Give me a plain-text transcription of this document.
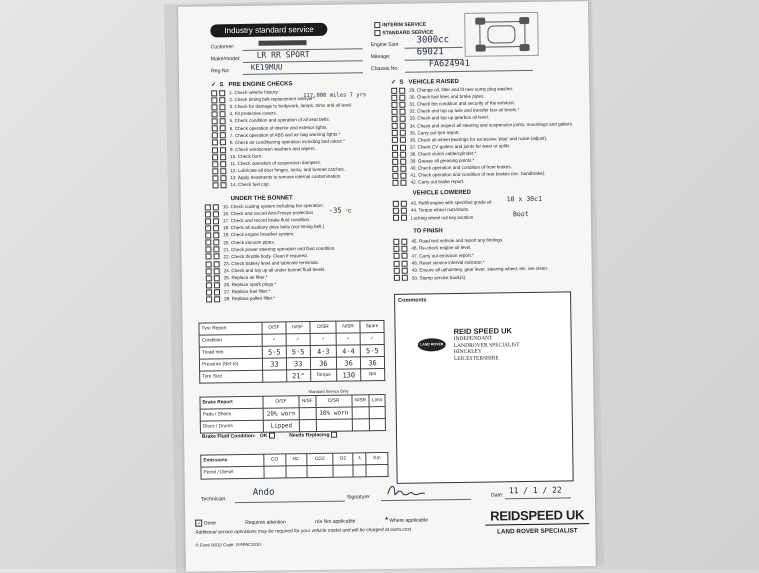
Industry standard service	INTERIM SERVICE
STANDARD SERVICE
Customer:
Make/model: LR RR SPORT
Reg No:	KE19MUU
Engine Size: 3000cc
Mileage:	69021
Chassis No:	FA624941
✓  S   PRE ENGINE CHECKS	✓  S   VEHICLE RAISED
1. Check vehicle history.
2. Check timing belt replacement interval*
3. Check for damage to bodywork, lamps, trims and oil level
4. Fit protective covers.
5. Check condition and operation of all seat belts.
6. Check operation of interior and exterior lights.
7. Check operation of ABS and air bag warning lights.*
8. Check air conditioning operation including bad odour.*
9. Check windscreen washers and wipers.
10. Check horn.
11. Check operation of suspension dampers.
12. Lubricate all door hinges, locks, and bonnet catches.
13. Apply treatments to remove internal contamination.
14. Check fuel cap.
117,000 miles 7 yrs
UNDER THE BONNET
15. Check cooling system including fan operation.
16. Check and record Anti-Freeze protection
17. Check and record brake fluid condition.
18. Check all auxiliary drive belts (not timing belt.)
19. Check engine breather system.
20. Check vacuum pipes.
21. Check power steering operation and fluid condition.
22. Check throttle body. Clean if required.
23. Check battery level and lubricate terminals.
24. Check and top up all under bonnet fluid levels.
25. Replace air filter.*
26. Replace spark plugs.*
27. Replace fuel filter.*
28. Replace pollen filter.*
-35 °C
29. Change oil, filter and fit new sump plug washer.
30. Check fuel lines and brake pipes.
31. Check the condition and security of the exhaust.
32. Check and top up axle and transfer box oil levels.*
33. Check and top up gearbox oil level.
34. Check and inspect all steering and suspension joints, mountings and gaiters.
35. Carry out tyre report.
36. Check all wheel bearings for excessive 'play' and noise (adjust).
37. Check CV gaiters and joints for wear or splits.
38. Check clutch cable/cylinder.*
39. Grease all greasing points.*
40. Check operation and condition of front brakes.
41. Check operation and condition of rear brakes (inc. handbrake).
42. Carry out brake report.
VEHICLE LOWERED
43. Refill engine with specified grade oil
44. Torque wheel nuts/studs.
Locking wheel nut key location
10 x 30c1
Boot
TO FINISH
45. Road test vehicle and report any findings.
46. Re-check engine oil level.
47. Carry out emission report.*
48. Reset service interval indicator.*
49. Ensure all upholstery, gear lever, steering wheel, etc. are clean.
50. Stamp service book(s).
Tyre Report	O/SF	N/SF	O/SR	N/SR	Spare
Condition	✓	✓	✓	✓	✓
Tread mm	5·5	5·5	4·3	4·4	5·5
Pressure (Set to)	33	33	36	36	36
Tyre Size		21"	Torque	130	Nm
Standard Service Only
Brake Report	O/SF	N/SF	O/SR	N/SR	Limit
Pads / Shoes	20% worn		10% worn		
Discs / Drums	Lipped				
Brake Fluid Condition: OK	Needs Replacing
Emissions	CO	HC	CO2	O2	λ	Km
Petrol / Diesel						
Comments
LAND ROVER
REID SPEED UK
INDEPENDANT
LANDROVER SPECIALIST
HINCKLEY
LEICESTERSHIRE
Technician:
Ando	Signature:	Date:
11 / 1 / 22
✓ Done	Requires attention	n/a Not applicable	* Where applicable
Additional service operations may be required for your vehicle model and will be charged at extra cost
© Forté 06/10 Code: ISSPAC2010
REIDSPEED UK
LAND ROVER SPECIALIST
